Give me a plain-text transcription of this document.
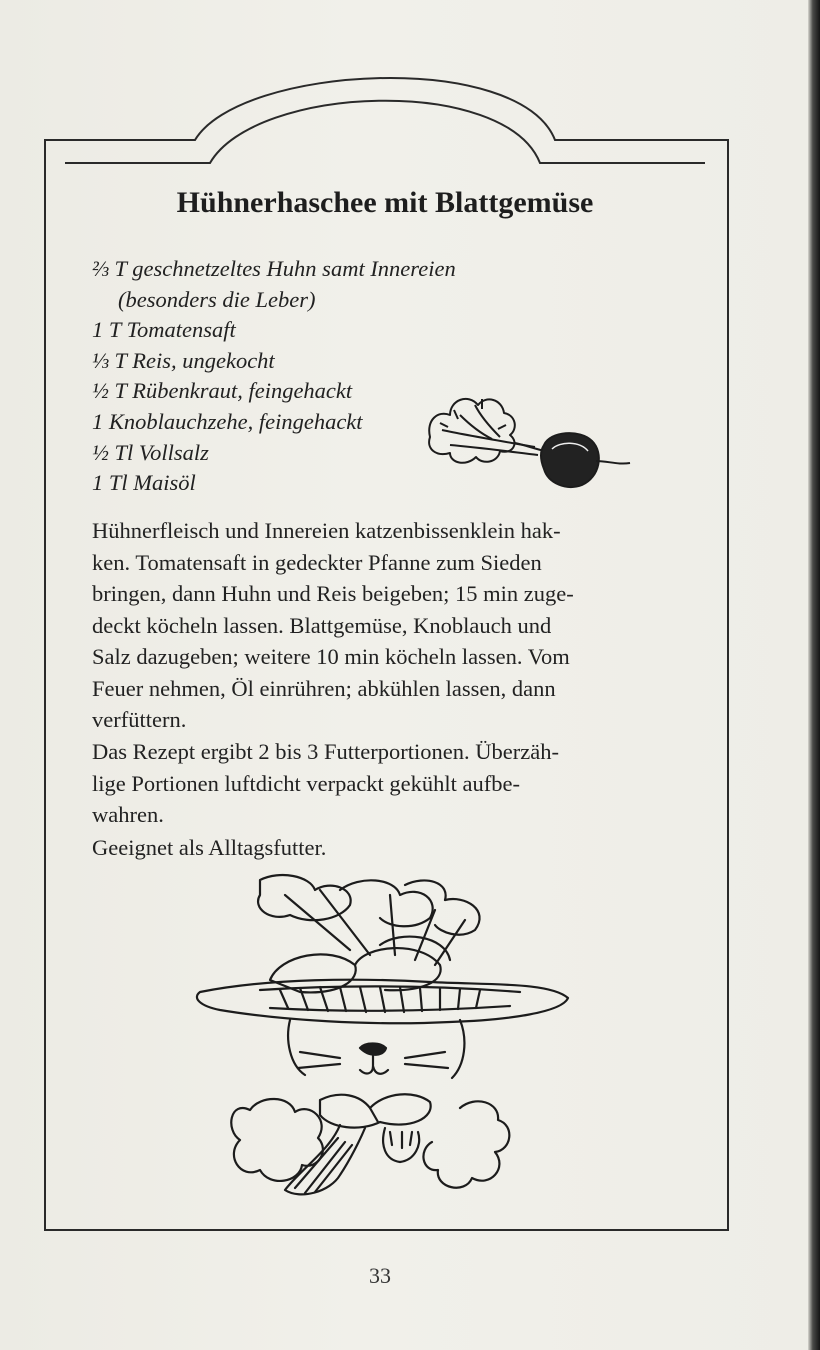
Hühnerhaschee mit Blattgemüse
⅔ T geschnetzeltes Huhn samt Innereien
(besonders die Leber)
1 T Tomatensaft
⅓ T Reis, ungekocht
½ T Rübenkraut, feingehackt
1 Knoblauchzehe, feingehackt
½ Tl Vollsalz
1 Tl Maisöl

Hühnerfleisch und Innereien katzenbissenklein hak-
ken. Tomatensaft in gedeckter Pfanne zum Sieden
bringen, dann Huhn und Reis beigeben; 15 min zuge-
deckt köcheln lassen. Blattgemüse, Knoblauch und
Salz dazugeben; weitere 10 min köcheln lassen. Vom
Feuer nehmen, Öl einrühren; abkühlen lassen, dann
verfüttern.

Das Rezept ergibt 2 bis 3 Futterportionen. Überzäh-
lige Portionen luftdicht verpackt gekühlt aufbe-
wahren.

Geeignet als Alltagsfutter.

33
